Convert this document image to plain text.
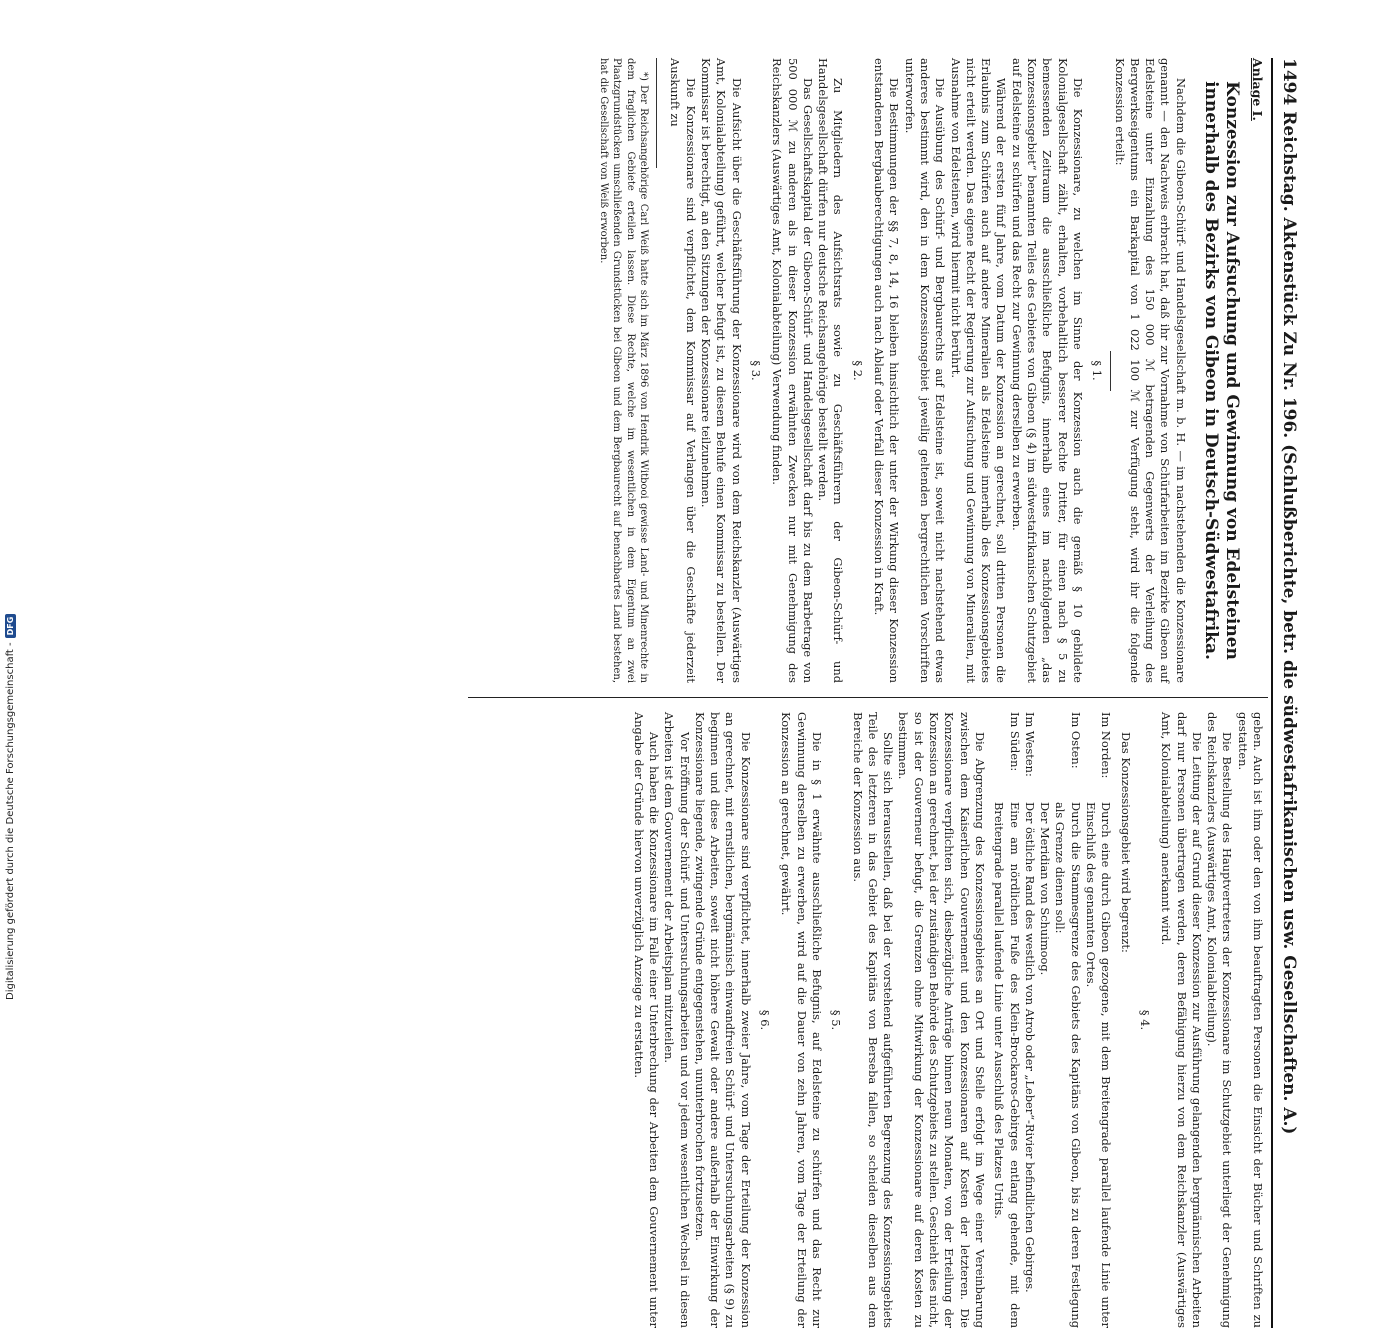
1494 Reichstag. Aktenstück Zu Nr. 196. (Schlußberichte, betr. die südwestafrikanischen usw. Gesellschaften. A.)
Anlage I.
Konzession zur Aufsuchung und Gewinnung von Edelsteinen innerhalb des Bezirks von Gibeon in Deutsch-Südwestafrika.

Nachdem die Gibeon-Schürf- und Handelsgesellschaft m. b. H. — im nachstehenden die Konzessionare genannt — den Nachweis erbracht hat, daß ihr zur Vornahme von Schürfarbeiten im Bezirke Gibeon auf Edelsteine unter Einzahlung des 150 000 ℳ betragenden Gegenwerts der Verleihung des Bergwerkseigentums ein Barkapital von 1 022 100 ℳ zur Verfügung steht, wird ihr die folgende Konzession erteilt:

§ 1.

Die Konzessionare, zu welchen im Sinne der Konzession auch die gemäß § 10 gebildete Kolonialgesellschaft zählt, erhalten, vorbehaltlich besserer Rechte Dritter, für einen nach § 5 zu bemessenden Zeitraum die ausschließliche Befugnis, innerhalb eines im nachfolgenden „das Konzessionsgebiet“ benannten Teiles des Gebietes von Gibeon (§ 4) im südwestafrikanischen Schutzgebiet auf Edelsteine zu schürfen und das Recht zur Gewinnung derselben zu erwerben.

Während der ersten fünf Jahre, vom Datum der Konzession an gerechnet, soll dritten Personen die Erlaubnis zum Schürfen auch auf andere Mineralien als Edelsteine innerhalb des Konzessionsgebietes nicht erteilt werden. Das eigene Recht der Regierung zur Aufsuchung und Gewinnung von Mineralien, mit Ausnahme von Edelsteinen, wird hiermit nicht berührt.

Die Ausübung des Schürf- und Bergbaurechts auf Edelsteine ist, soweit nicht nachstehend etwas anderes bestimmt wird, den in dem Konzessionsgebiet jeweilig geltenden bergrechtlichen Vorschriften unterworfen.

Die Bestimmungen der §§ 7, 8, 14, 16 bleiben hinsichtlich der unter der Wirkung dieser Konzession entstandenen Bergbauberechtigungen auch nach Ablauf oder Verfall dieser Konzession in Kraft.

§ 2.

Zu Mitgliedern des Aufsichtsrats sowie zu Geschäftsführern der Gibeon-Schürf- und Handelsgesellschaft dürfen nur deutsche Reichsangehörige bestellt werden.

Das Gesellschaftskapital der Gibeon-Schürf- und Handelsgesellschaft darf bis zu dem Barbetrage von 500 000 ℳ zu anderen als in dieser Konzession erwähnten Zwecken nur mit Genehmigung des Reichskanzlers (Auswärtiges Amt, Kolonialabteilung) Verwendung finden.

§ 3.

Die Aufsicht über die Geschäftsführung der Konzessionare wird von dem Reichskanzler (Auswärtiges Amt, Kolonialabteilung) geführt, welcher befugt ist, zu diesem Behufe einen Kommissar zu bestellen. Der Kommissar ist berechtigt, an den Sitzungen der Konzessionare teilzunehmen.

Die Konzessionare sind verpflichtet, dem Kommissar auf Verlangen über die Geschäfte jederzeit Auskunft zu

*) Der Reichsangehörige Carl Weiß hatte sich im März 1896 von Hendrik Witbooi gewisse Land- und Minenrechte in dem fraglichen Gebiete erteilen lassen. Diese Rechte, welche im wesentlichen in dem Eigentum an zwei Plaatzgrundstücken umschließenden Grundstücken bei Gibeon und dem Bergbaurecht auf benachbartes Land bestehen, hat die Gesellschaft von Weiß erworben.

geben. Auch ist ihm oder den von ihm beauftragten Personen die Einsicht der Bücher und Schriften zu gestatten.

Die Bestellung des Hauptvertreters der Konzessionare im Schutzgebiet unterliegt der Genehmigung des Reichskanzlers (Auswärtiges Amt, Kolonialabteilung).

Die Leitung der auf Grund dieser Konzession zur Ausführung gelangenden bergmännischen Arbeiten darf nur Personen übertragen werden, deren Befähigung hierzu von dem Reichskanzler (Auswärtiges Amt, Kolonialabteilung) anerkannt wird.

§ 4.

Das Konzessionsgebiet wird begrenzt:

Im Norden:
Durch eine durch Gibeon gezogene, mit dem Breitengrade parallel laufende Linie unter Einschluß des genannten Ortes.
Im Osten:
Durch die Stammesgrenze des Gebiets des Kapitäns von Gibeon, bis zu deren Festlegung als Grenze dienen soll:
Der Meridian von Schuimoog.
Im Westen:
Der östliche Rand des westlich von Atrob oder „Leber“-Rivier befindlichen Gebirges.
Im Süden:
Eine am nördlichen Fuße des Klein-Brockaros-Gebirges entlang gehende, mit dem Breitengrade parallel laufende Linie unter Ausschluß des Platzes Uritis.

Die Abgrenzung des Konzessionsgebietes an Ort und Stelle erfolgt im Wege einer Vereinbarung zwischen dem Kaiserlichen Gouvernement und den Konzessionaren auf Kosten der letzteren. Die Konzessionare verpflichten sich, diesbezügliche Anträge binnen neun Monaten, von der Erteilung der Konzession an gerechnet, bei der zuständigen Behörde des Schutzgebiets zu stellen. Geschieht dies nicht, so ist der Gouverneur befugt, die Grenzen ohne Mitwirkung der Konzessionare auf deren Kosten zu bestimmen.

Sollte sich herausstellen, daß bei der vorstehend aufgeführten Begrenzung des Konzessionsgebiets Teile des letzteren in das Gebiet des Kapitäns von Berseba fallen, so scheiden dieselben aus dem Bereiche der Konzession aus.

§ 5.

Die in § 1 erwähnte ausschließliche Befugnis, auf Edelsteine zu schürfen und das Recht zur Gewinnung derselben zu erwerben, wird auf die Dauer von zehn Jahren, vom Tage der Erteilung der Konzession an gerechnet, gewährt.

§ 6.

Die Konzessionare sind verpflichtet, innerhalb zweier Jahre, vom Tage der Erteilung der Konzession an gerechnet, mit ernstlichen, bergmännisch einwandfreien Schürf- und Untersuchungsarbeiten (§ 9) zu beginnen und diese Arbeiten, soweit nicht höhere Gewalt oder andere außerhalb der Einwirkung der Konzessionare liegende, zwingende Gründe entgegenstehen, ununterbrochen fortzusetzen.

Vor Eröffnung der Schürf- und Untersuchungsarbeiten und vor jedem wesentlichen Wechsel in diesen Arbeiten ist dem Gouvernement der Arbeitsplan mitzuteilen.

Auch haben die Konzessionare im Falle einer Unterbrechung der Arbeiten dem Gouvernement unter Angabe der Gründe hiervon unverzüglich Anzeige zu erstatten.

Digitalisierung gefördert durch die Deutsche Forschungsgemeinschaft -
DFG
